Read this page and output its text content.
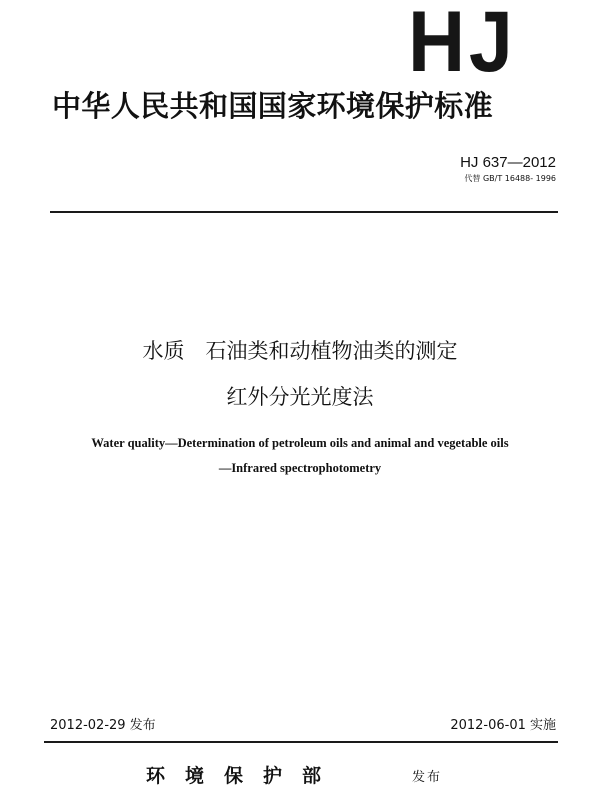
HJ
中华人民共和国国家环境保护标准
HJ 637—2012
代替 GB/T 16488- 1996
水质　石油类和动植物油类的测定
红外分光光度法
Water quality—Determination of petroleum oils and animal and vegetable oils
—Infrared spectrophotometry
2012-02-29 发布	2012-06-01 实施
环境保护部	发布
